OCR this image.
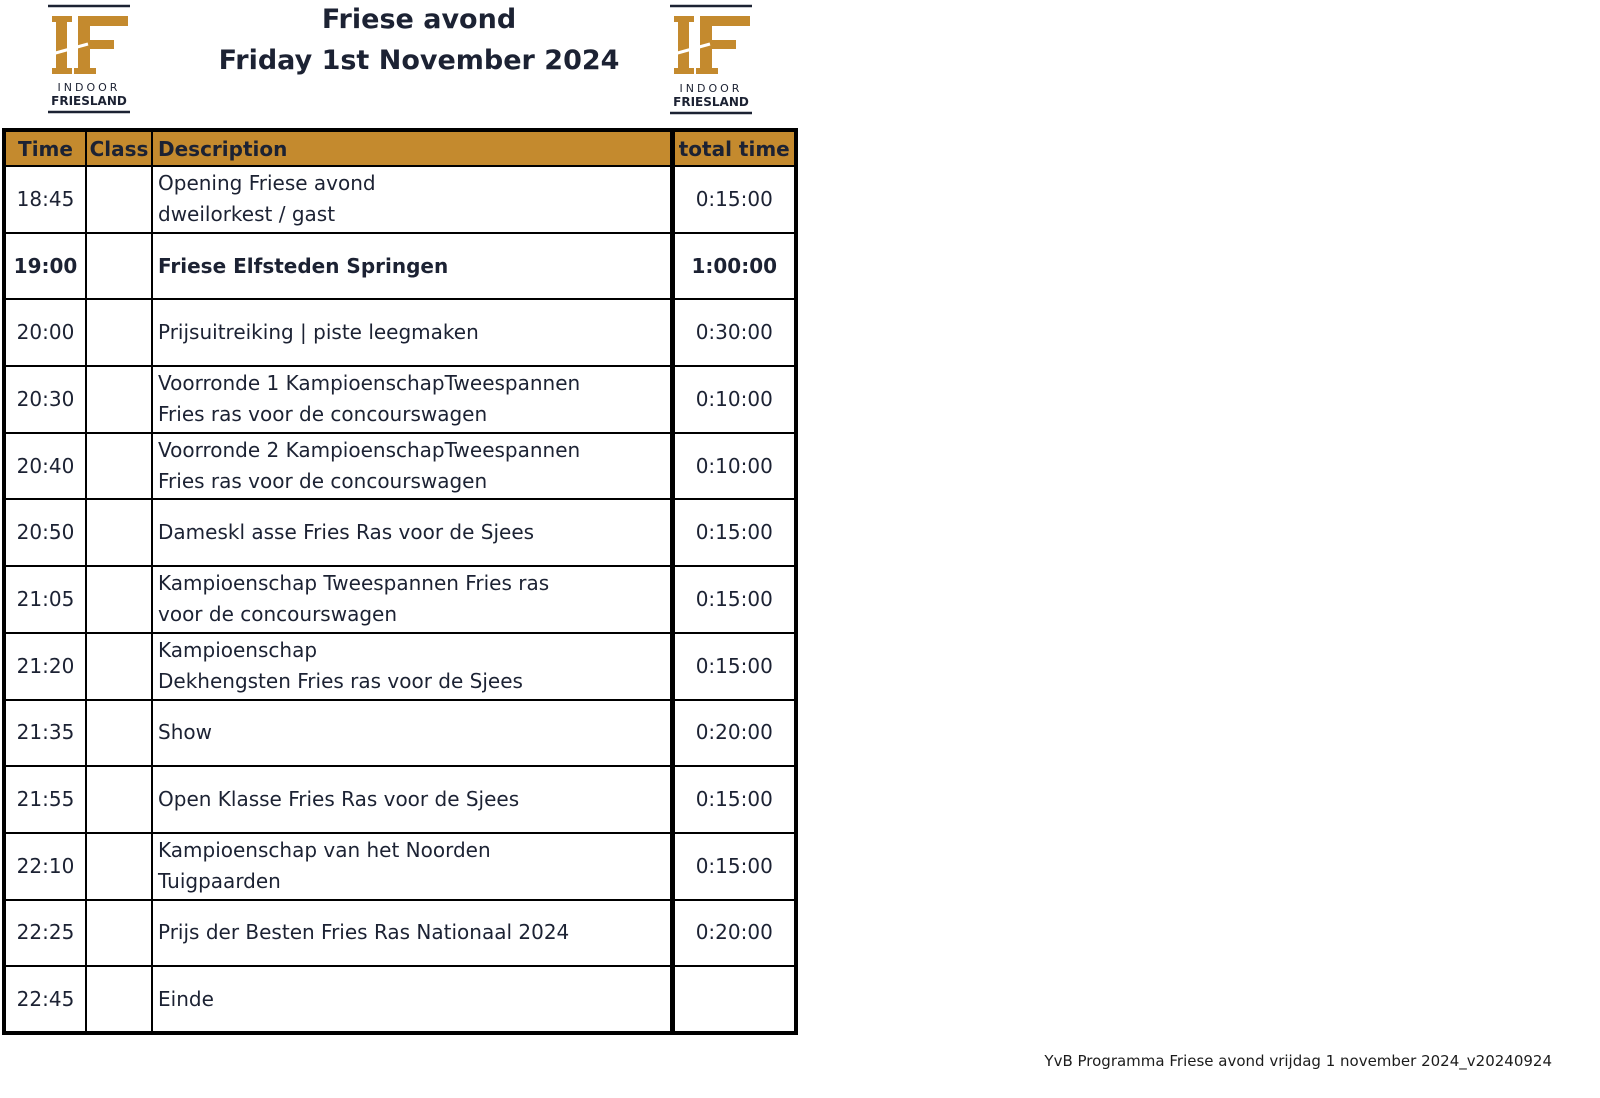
INDOOR
FRIESLAND
INDOOR
FRIESLAND
Friese avond
Friday 1st November 2024
Time	Class	Description	total time
18:45		Opening Friese avond
dweilorkest / gast	0:15:00
19:00		Friese Elfsteden Springen	1:00:00
20:00		Prijsuitreiking | piste leegmaken	0:30:00
20:30		Voorronde 1 KampioenschapTweespannen
Fries ras voor de concourswagen	0:10:00
20:40		Voorronde 2 KampioenschapTweespannen
Fries ras voor de concourswagen	0:10:00
20:50		Dameskl asse Fries Ras voor de Sjees	0:15:00
21:05		Kampioenschap Tweespannen Fries ras
voor de concourswagen	0:15:00
21:20		Kampioenschap
Dekhengsten Fries ras voor de Sjees	0:15:00
21:35		Show	0:20:00
21:55		Open Klasse Fries Ras voor de Sjees	0:15:00
22:10		Kampioenschap van het Noorden
Tuigpaarden	0:15:00
22:25		Prijs der Besten Fries Ras Nationaal 2024	0:20:00
22:45		Einde	

YvB Programma Friese avond vrijdag 1 november 2024_v20240924
